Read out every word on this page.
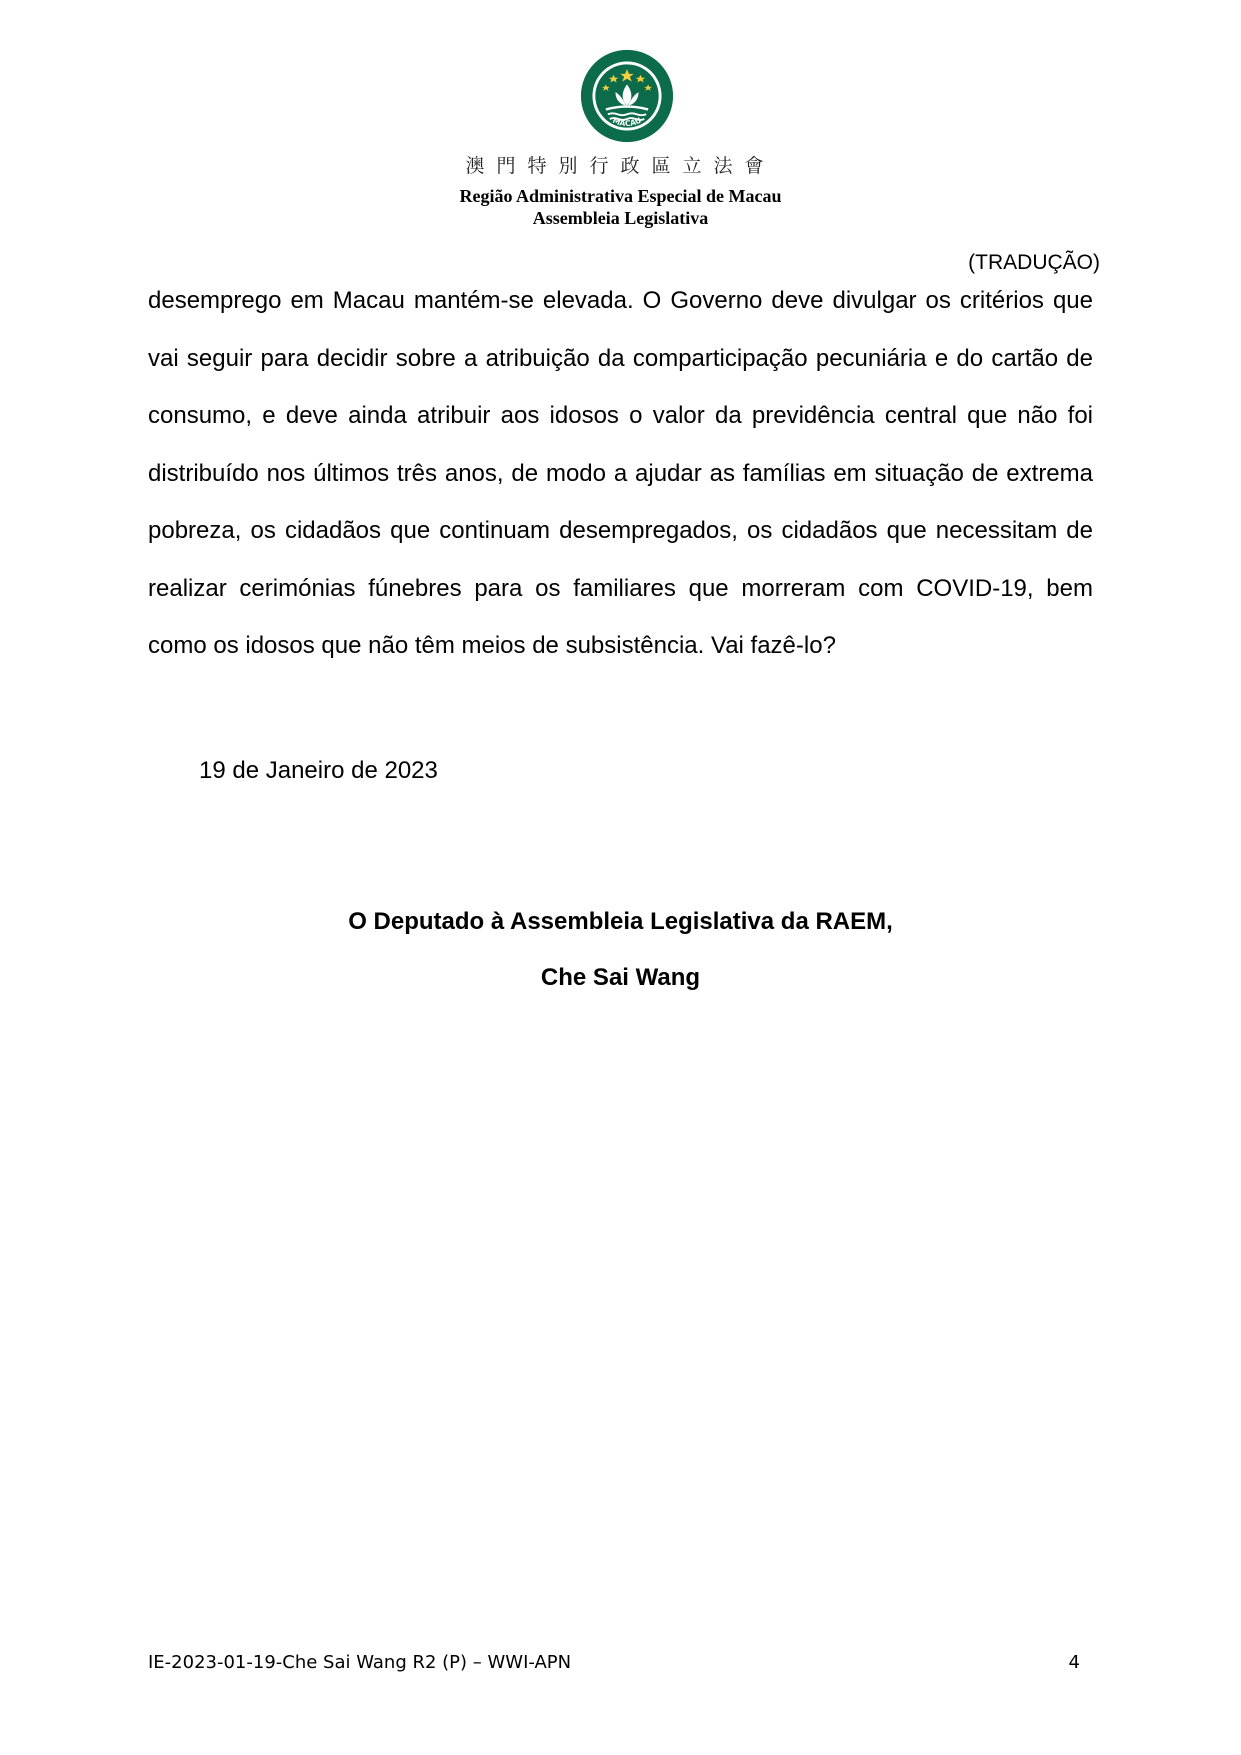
MACAU
澳門特別行政區立法會
Região Administrativa Especial de Macau
Assembleia Legislativa
(TRADUÇÃO)

desemprego em Macau mantém-se elevada. O Governo deve divulgar os critérios que vai seguir para decidir sobre a atribuição da comparticipação pecuniária e do cartão de consumo, e deve ainda atribuir aos idosos o valor da previdência central que não foi distribuído nos últimos três anos, de modo a ajudar as famílias em situação de extrema pobreza, os cidadãos que continuam desempregados, os cidadãos que necessitam de realizar cerimónias fúnebres para os familiares que morreram com COVID-19, bem como os idosos que não têm meios de subsistência. Vai fazê-lo?

19 de Janeiro de 2023
O Deputado à Assembleia Legislativa da RAEM,
Che Sai Wang
IE-2023-01-19-Che Sai Wang R2 (P) – WWI-APN	4
